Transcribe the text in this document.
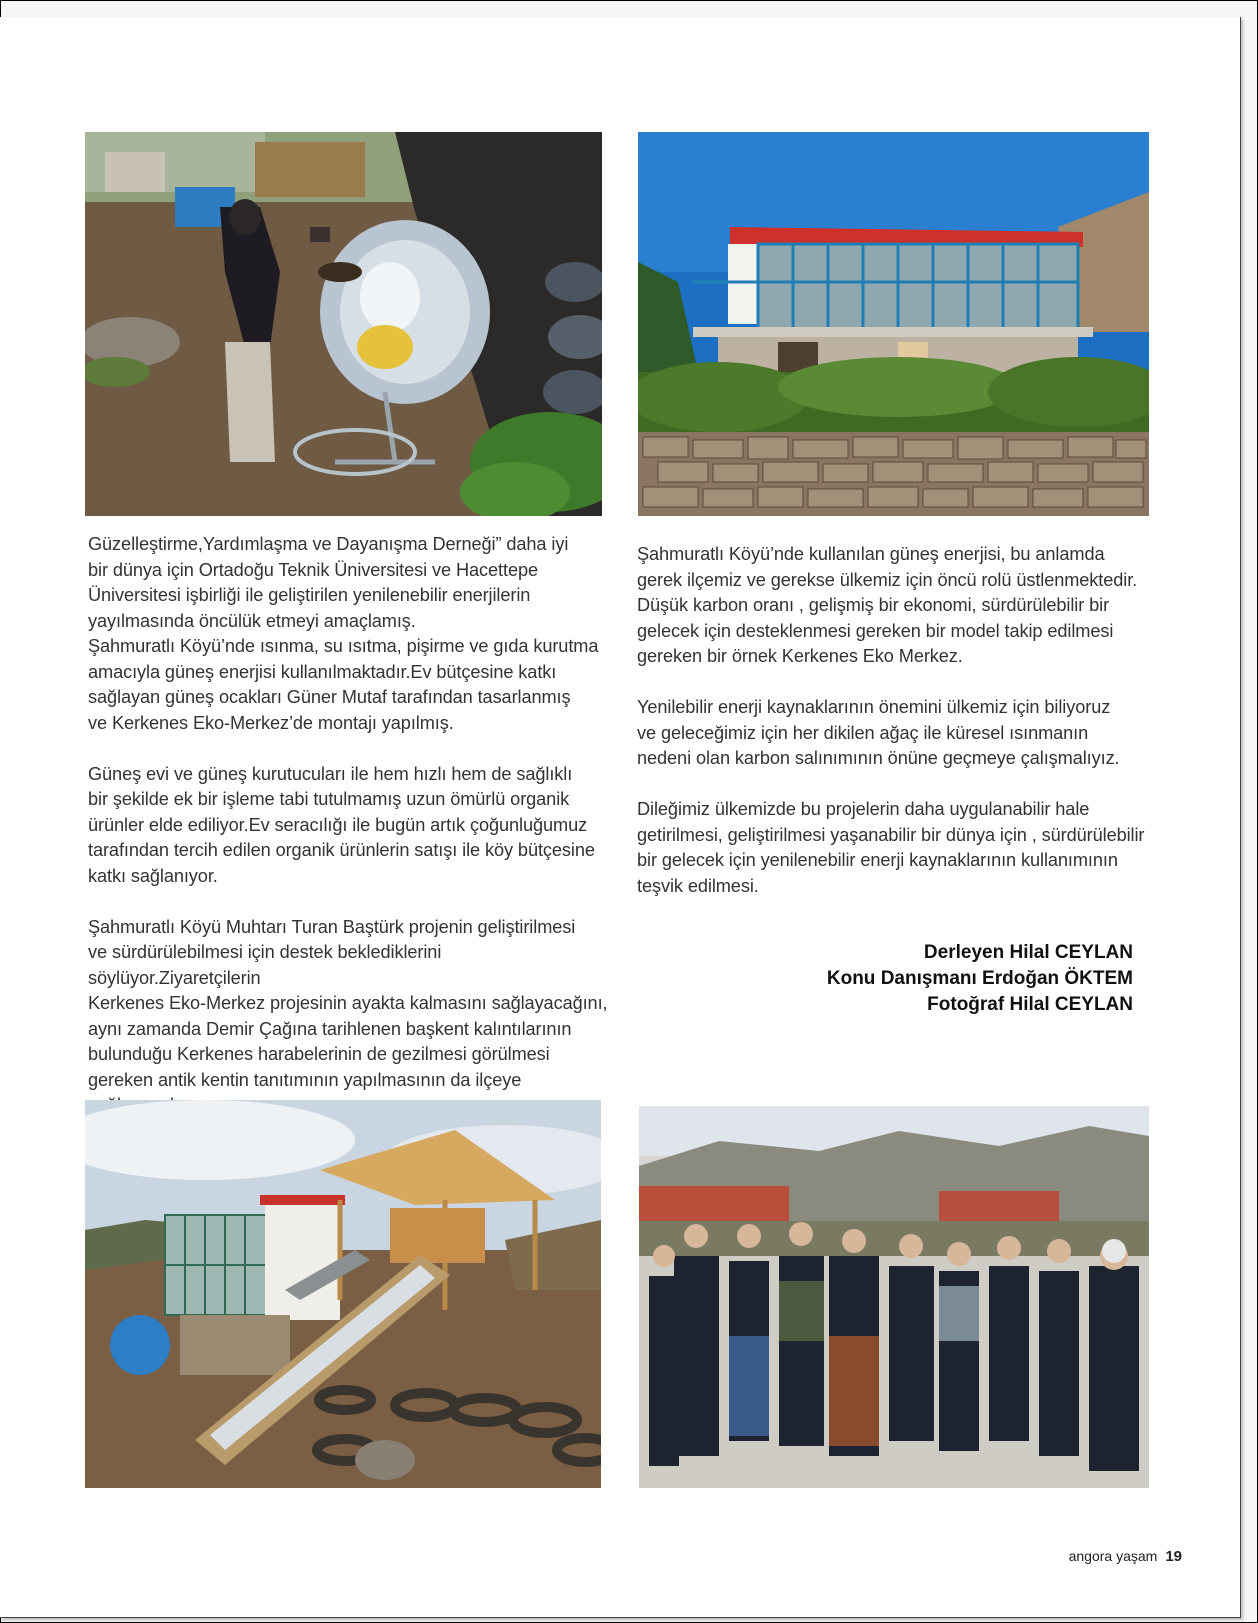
Güzelleştirme,Yardımlaşma ve Dayanışma Derneği” daha iyi
bir dünya için Ortadoğu Teknik Üniversitesi ve Hacettepe
Üniversitesi işbirliği ile geliştirilen yenilenebilir enerjilerin
yayılmasında öncülük etmeyi amaçlamış.
Şahmuratlı Köyü’nde ısınma, su ısıtma, pişirme ve gıda kurutma
amacıyla güneş enerjisi kullanılmaktadır.Ev bütçesine katkı
sağlayan güneş ocakları Güner Mutaf tarafından tasarlanmış
ve Kerkenes Eko-Merkez’de montajı yapılmış.

Güneş evi ve güneş kurutucuları ile hem hızlı hem de sağlıklı
bir şekilde ek bir işleme tabi tutulmamış uzun ömürlü organik
ürünler elde ediliyor.Ev seracılığı ile bugün artık çoğunluğumuz
tarafından tercih edilen organik ürünlerin satışı ile köy bütçesine
katkı sağlanıyor.

Şahmuratlı Köyü Muhtarı Turan Baştürk projenin geliştirilmesi
ve sürdürülebilmesi için destek beklediklerini söylüyor.Ziyaretçilerin
Kerkenes Eko-Merkez projesinin ayakta kalmasını sağlayacağını,
aynı zamanda Demir Çağına tarihlenen başkent kalıntılarının
bulunduğu Kerkenes harabelerinin de gezilmesi görülmesi
gereken antik kentin tanıtımının yapılmasının da ilçeye

Şahmuratlı Köyü’nde kullanılan güneş enerjisi, bu anlamda
gerek ilçemiz ve gerekse ülkemiz için öncü rolü üstlenmektedir.
Düşük karbon oranı , gelişmiş bir ekonomi, sürdürülebilir bir
gelecek için desteklenmesi gereken bir model takip edilmesi
gereken bir örnek Kerkenes Eko Merkez.

Yenilebilir enerji kaynaklarının önemini ülkemiz için biliyoruz
ve geleceğimiz için her dikilen ağaç ile küresel ısınmanın
nedeni olan karbon salınımının önüne geçmeye çalışmalıyız.

Dileğimiz ülkemizde bu projelerin daha uygulanabilir hale
getirilmesi, geliştirilmesi yaşanabilir bir dünya için , sürdürülebilir
bir gelecek için yenilenebilir enerji kaynaklarının kullanımının
teşvik edilmesi.

Derleyen Hilal CEYLAN
Konu Danışmanı Erdoğan ÖKTEM
Fotoğraf Hilal CEYLAN
angora yaşam 19
